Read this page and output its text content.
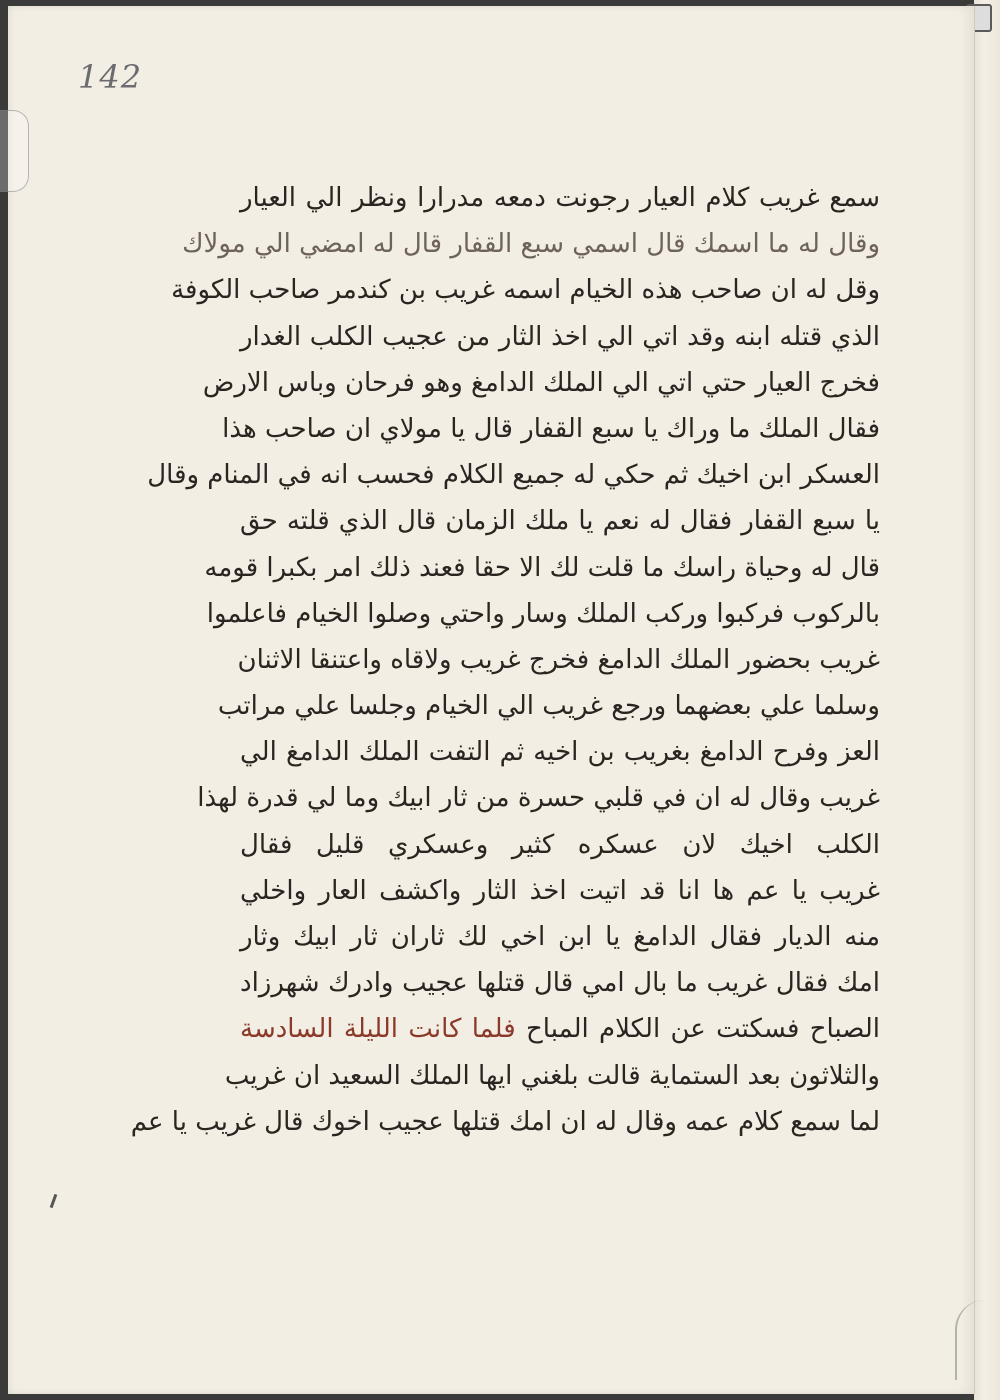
142
سمع غريب كلام العيار رجونت دمعه مدرارا ونظر الي العيار
وقال له ما اسمك قال اسمي سبع القفار قال له امضي الي مولاك
وقل له ان صاحب هذه الخيام اسمه غريب بن كندمر صاحب الكوفة
الذي قتله ابنه وقد اتي الي اخذ الثار من عجيب الكلب الغدار
فخرج العيار حتي اتي الي الملك الدامغ وهو فرحان وباس الارض
فقال الملك ما وراك يا سبع القفار قال يا مولاي ان صاحب هذا
العسكر ابن اخيك ثم حكي له جميع الكلام فحسب انه في المنام وقال
يا سبع القفار فقال له نعم يا ملك الزمان قال الذي قلته حق
قال له وحياة راسك ما قلت لك الا حقا فعند ذلك امر بكبرا قومه
بالركوب فركبوا وركب الملك وسار واحتي وصلوا الخيام فاعلموا
غريب بحضور الملك الدامغ فخرج غريب ولاقاه واعتنقا الاثنان
وسلما علي بعضهما ورجع غريب الي الخيام وجلسا علي مراتب
العز وفرح الدامغ بغريب بن اخيه ثم التفت الملك الدامغ الي
غريب وقال له ان في قلبي حسرة من ثار ابيك وما لي قدرة لهذا
الكلب اخيك لان عسكره كثير وعسكري قليل فقال
غريب يا عم ها انا قد اتيت اخذ الثار واكشف العار واخلي
منه الديار فقال الدامغ يا ابن اخي لك ثاران ثار ابيك وثار
امك فقال غريب ما بال امي قال قتلها عجيب وادرك شهرزاد
الصباح فسكتت عن الكلام المباح فلما كانت الليلة السادسة
والثلاثون بعد الستماية قالت بلغني ايها الملك السعيد ان غريب
لما سمع كلام عمه وقال له ان امك قتلها عجيب اخوك قال غريب يا عم
